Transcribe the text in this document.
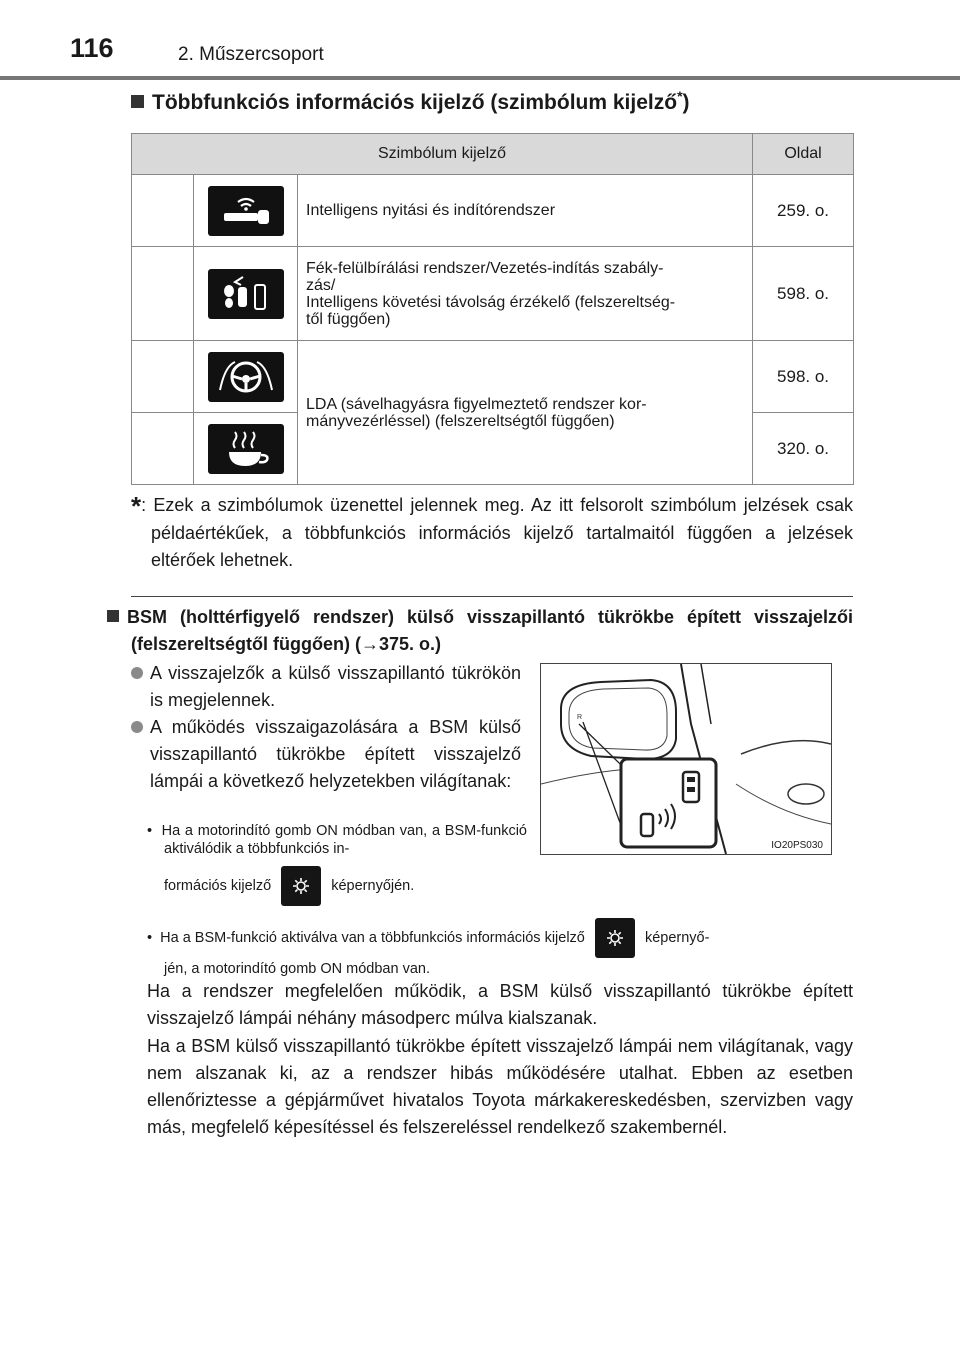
116	2. Műszercsoport
Többfunkciós információs kijelző (szimbólum kijelző*)
Szimbólum kijelző			Oldal

	Intelligens nyitási és indítórendszer	259. o.

Fék-felülbírálási rendszer/Vezetés-indítás szabály-
zás/
Intelligens követési távolság érzékelő (felszereltség-
től függően)	598. o.

LDA (sávelhagyásra figyelmeztető rendszer kor-
mányvezérléssel) (felszereltségtől függően)	598. o.

	320. o.

*: Ezek a szimbólumok üzenettel jelennek meg. Az itt felsorolt szimbólum jelzések csak példaértékűek, a többfunkciós információs kijelző tartalmaitól függően a jelzések eltérőek lehetnek.

BSM (holttérfigyelő rendszer) külső visszapillantó tükrökbe épített visszajelzői (felszereltségtől függően) (→375. o.)

A visszajelzők a külső visszapillantó tükrökön is megjelennek.

A működés visszaigazolására a BSM külső visszapillantó tükrökbe épített visszajelző lámpái a következő helyzetekben világítanak:

•  Ha a motorindító gomb ON módban van, a BSM-funkció aktiválódik a többfunkciós in-
formációs kijelző	képernyőjén.
•  Ha a BSM-funkció aktiválva van a többfunkciós információs kijelző	képernyő-
jén, a motorindító gomb ON módban van.

Ha a rendszer megfelelően működik, a BSM külső visszapillantó tükrökbe épített visszajelző lámpái néhány másodperc múlva kialszanak.

Ha a BSM külső visszapillantó tükrökbe épített visszajelző lámpái nem világítanak, vagy nem alszanak ki, az a rendszer hibás működésére utalhat. Ebben az esetben ellenőriztesse a gépjárművet hivatalos Toyota márkakereskedésben, szervizben vagy más, megfelelő képesítéssel és felszereléssel rendelkező szakembernél.

R
IO20PS030
